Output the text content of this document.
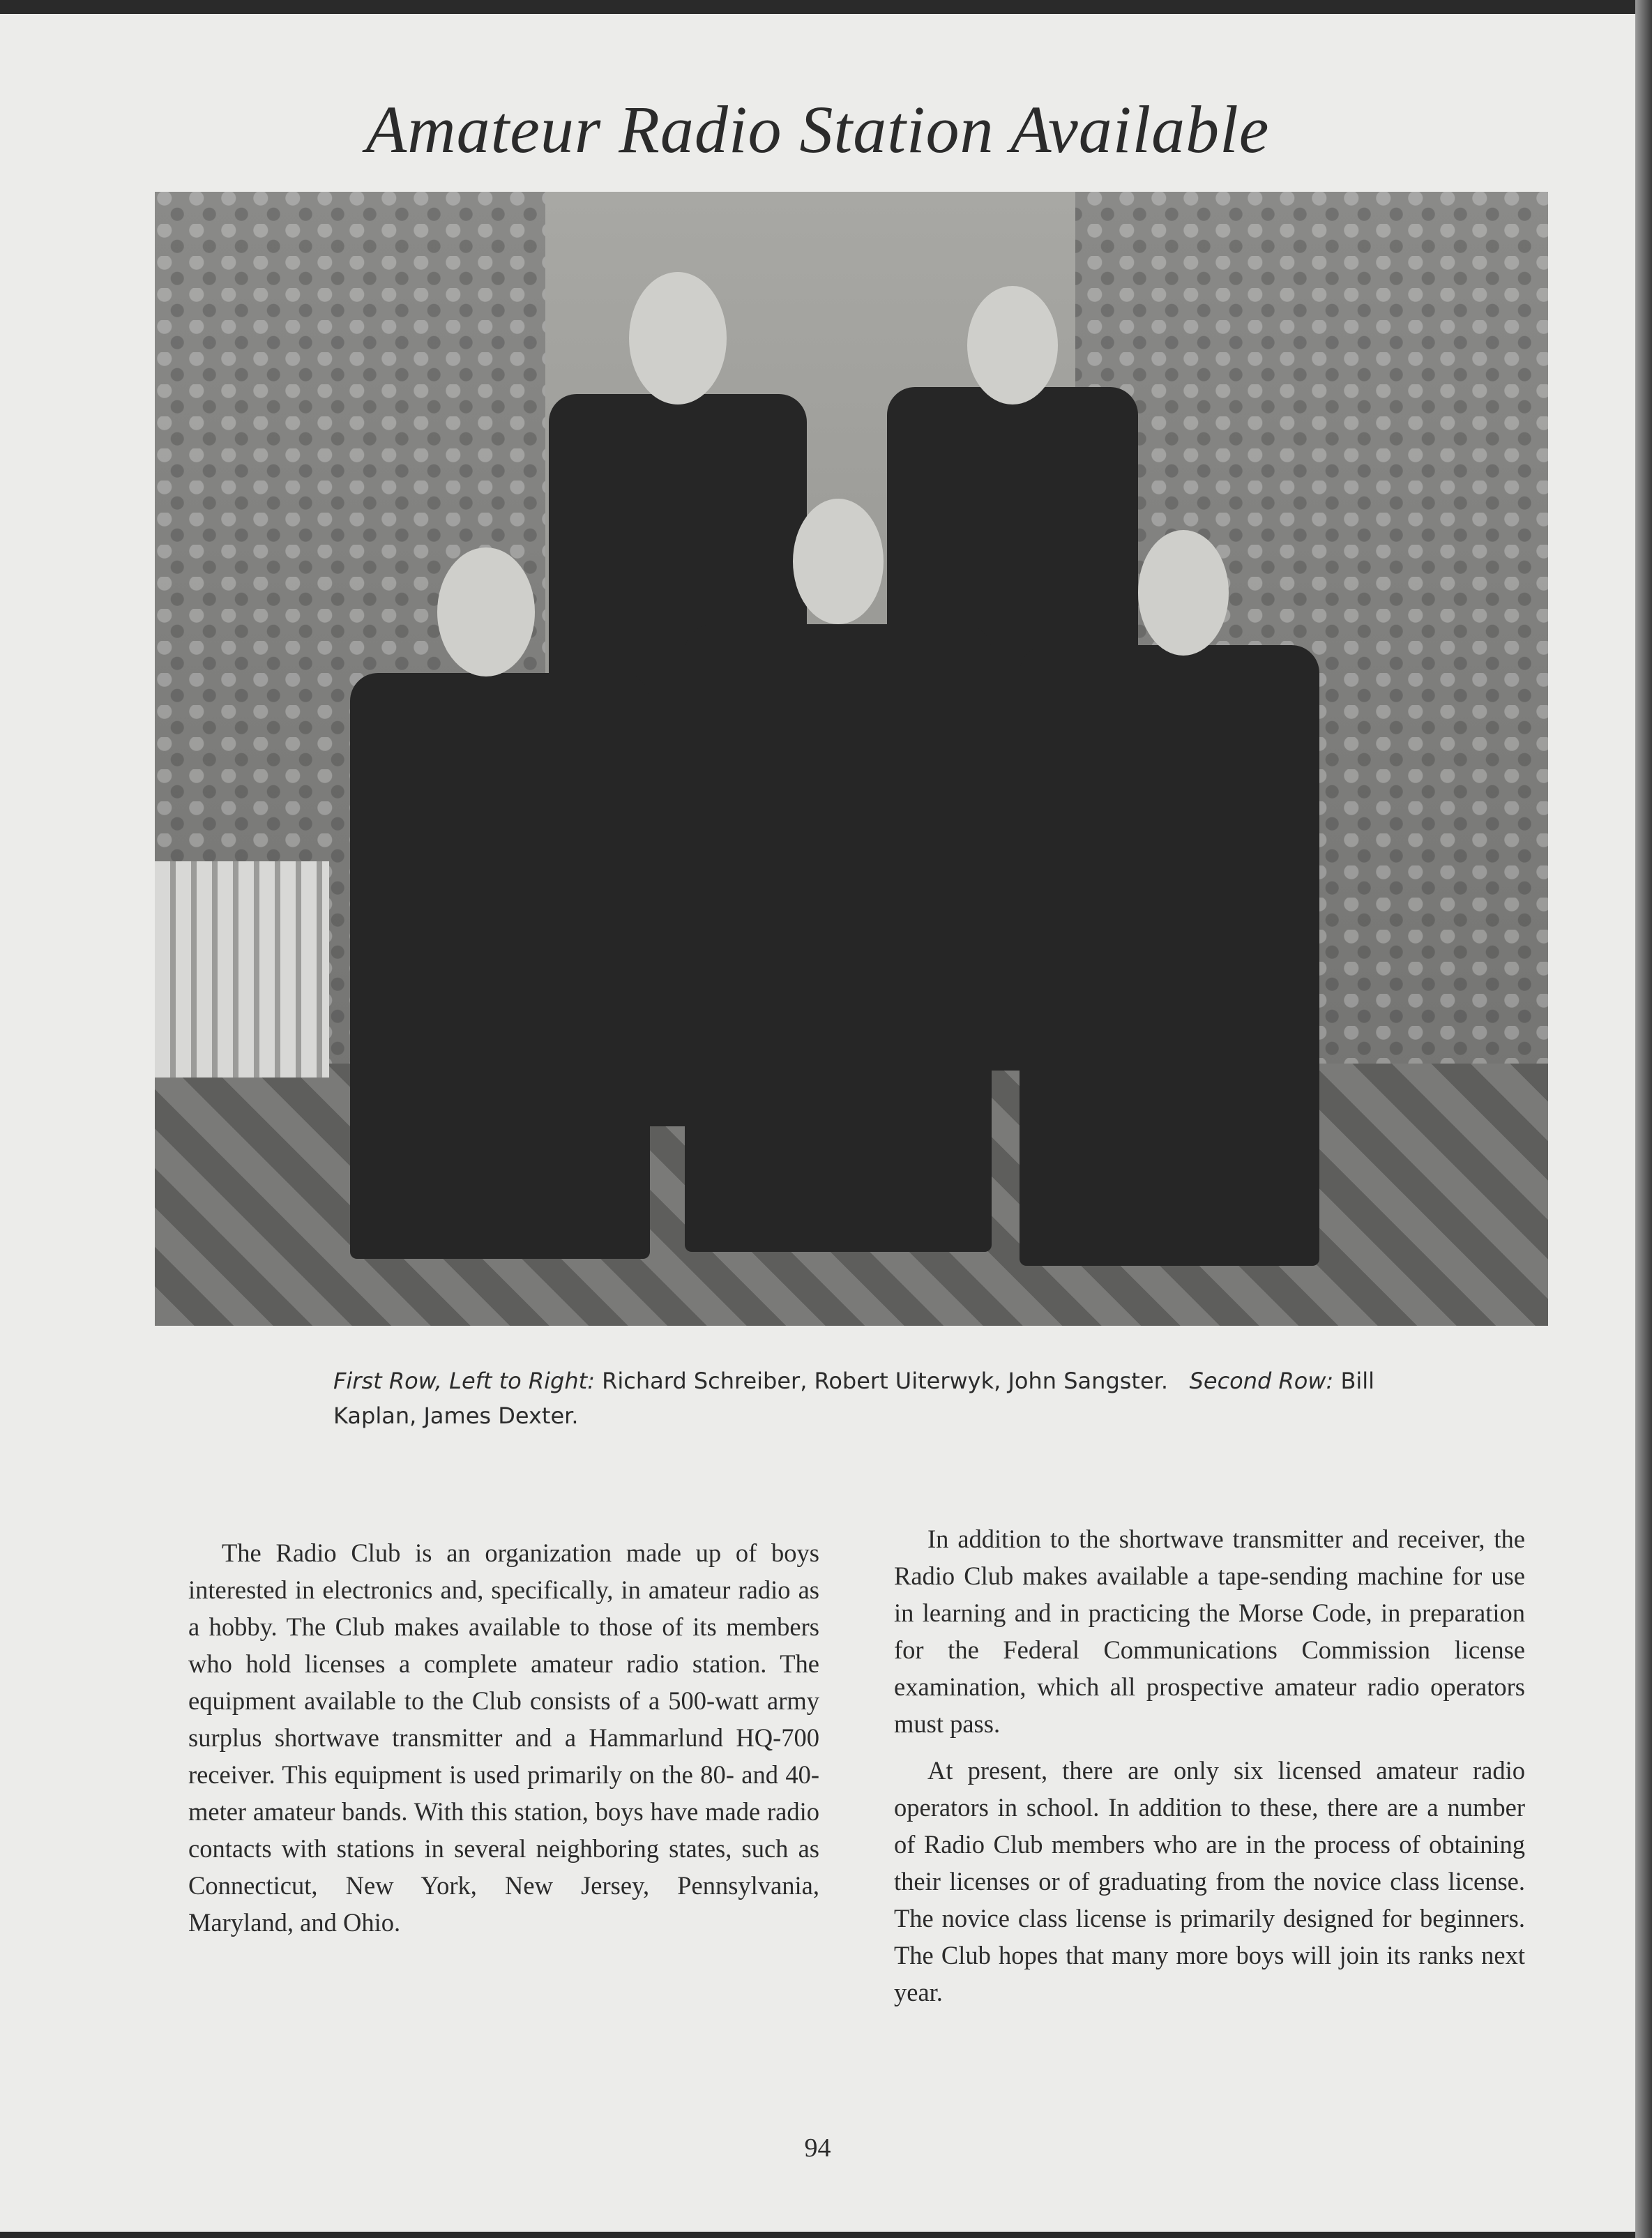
Amateur Radio Station Available

First Row, Left to Right: Richard Schreiber, Robert Uiterwyk, John Sangster. Second Row: Bill Kaplan, James Dexter.

The Radio Club is an organization made up of boys interested in electronics and, specifically, in amateur radio as a hobby. The Club makes available to those of its members who hold licenses a complete amateur radio station. The equipment available to the Club consists of a 500-watt army surplus shortwave transmitter and a Hammarlund HQ-700 receiver. This equipment is used primarily on the 80- and 40-meter amateur bands. With this station, boys have made radio contacts with stations in several neighboring states, such as Connecticut, New York, New Jersey, Pennsylvania, Maryland, and Ohio.

In addition to the shortwave transmitter and receiver, the Radio Club makes available a tape-sending machine for use in learning and in practicing the Morse Code, in preparation for the Federal Communications Commission license examination, which all prospective amateur radio operators must pass.

At present, there are only six licensed amateur radio operators in school. In addition to these, there are a number of Radio Club members who are in the process of obtaining their licenses or of graduating from the novice class license. The novice class license is primarily designed for beginners. The Club hopes that many more boys will join its ranks next year.

94
